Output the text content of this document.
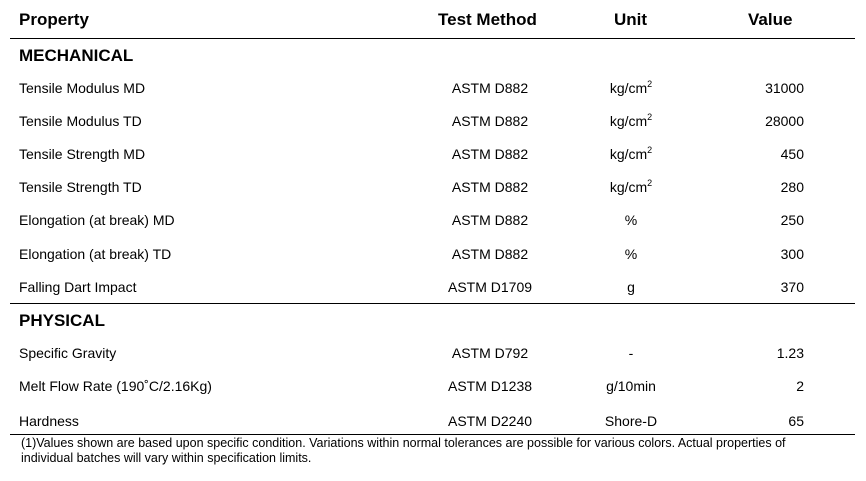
Property	Test Method	Unit	Value
MECHANICAL
Tensile Modulus MD	ASTM D882	$kg/cm^2$	31000
Tensile Modulus TD	ASTM D882	$kg/cm^2$	28000
Tensile Strength MD	ASTM D882	$kg/cm^2$	450
Tensile Strength TD	ASTM D882	$kg/cm^2$	280
Elongation (at break) MD	ASTM D882	%	250
Elongation (at break) TD	ASTM D882	%	300
Falling Dart Impact	ASTM D1709	g	370
PHYSICAL
Specific Gravity	ASTM D792	-	1.23
Melt Flow Rate (190˚C/2.16Kg)	ASTM D1238	g/10min	2
Hardness	ASTM D2240	Shore-D	65
(1)Values shown are based upon specific condition. Variations within normal tolerances are possible for various colors. Actual properties of individual batches will vary within specification limits.
